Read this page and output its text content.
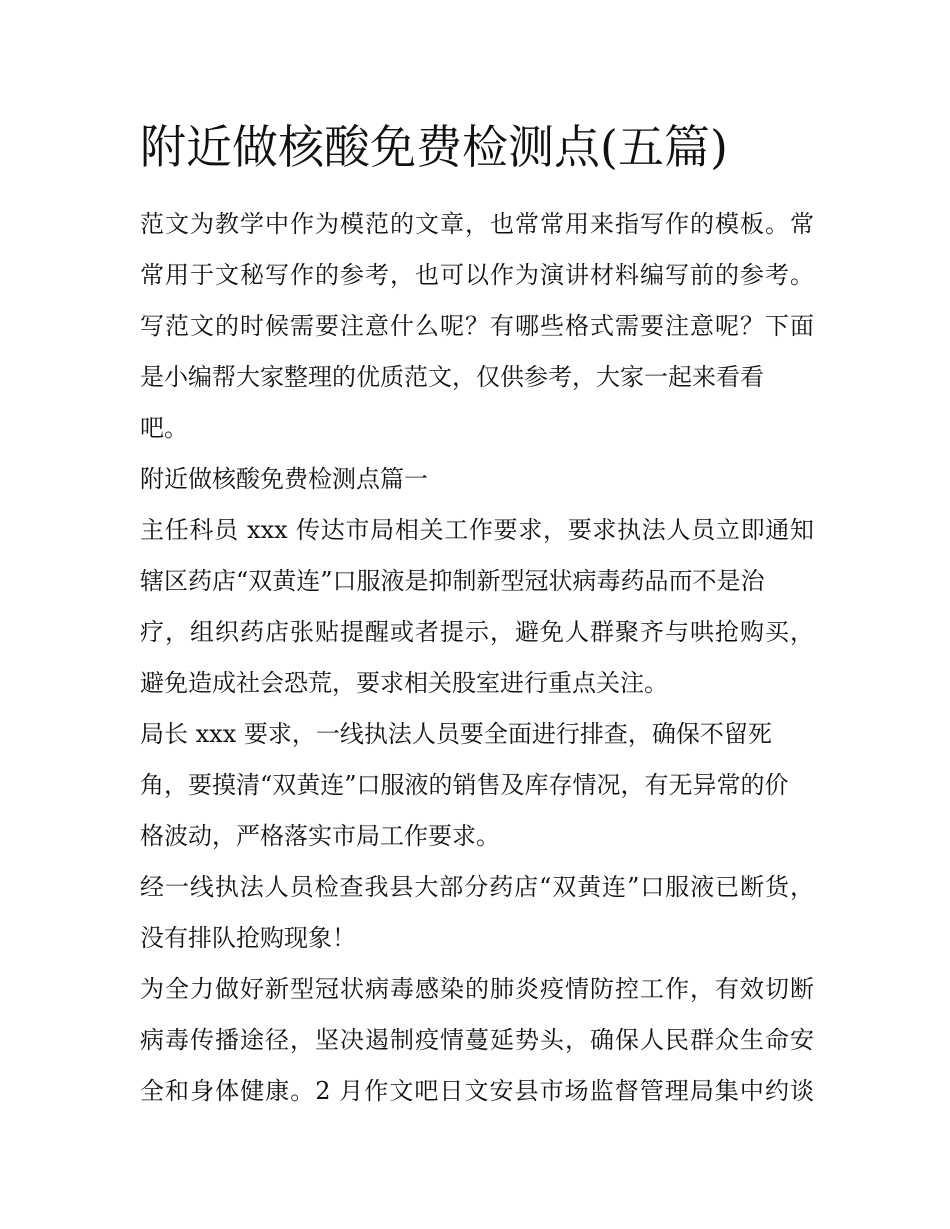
附近做核酸免费检测点(五篇)
范文为教学中作为模范的文章，也常常用来指写作的模板。常
常用于文秘写作的参考，也可以作为演讲材料编写前的参考。
写范文的时候需要注意什么呢？有哪些格式需要注意呢？下面
是小编帮大家整理的优质范文，仅供参考，大家一起来看看
吧。
附近做核酸免费检测点篇一
主任科员 xxx 传达市局相关工作要求，要求执法人员立即通知
辖区药店“双黄连”口服液是抑制新型冠状病毒药品而不是治
疗，组织药店张贴提醒或者提示，避免人群聚齐与哄抢购买，
避免造成社会恐荒，要求相关股室进行重点关注。
局长 xxx 要求，一线执法人员要全面进行排查，确保不留死
角，要摸清“双黄连”口服液的销售及库存情况，有无异常的价
格波动，严格落实市局工作要求。
经一线执法人员检查我县大部分药店“双黄连”口服液已断货，
没有排队抢购现象！
为全力做好新型冠状病毒感染的肺炎疫情防控工作，有效切断
病毒传播途径，坚决遏制疫情蔓延势头，确保人民群众生命安
全和身体健康。2 月作文吧日文安县市场监督管理局集中约谈
